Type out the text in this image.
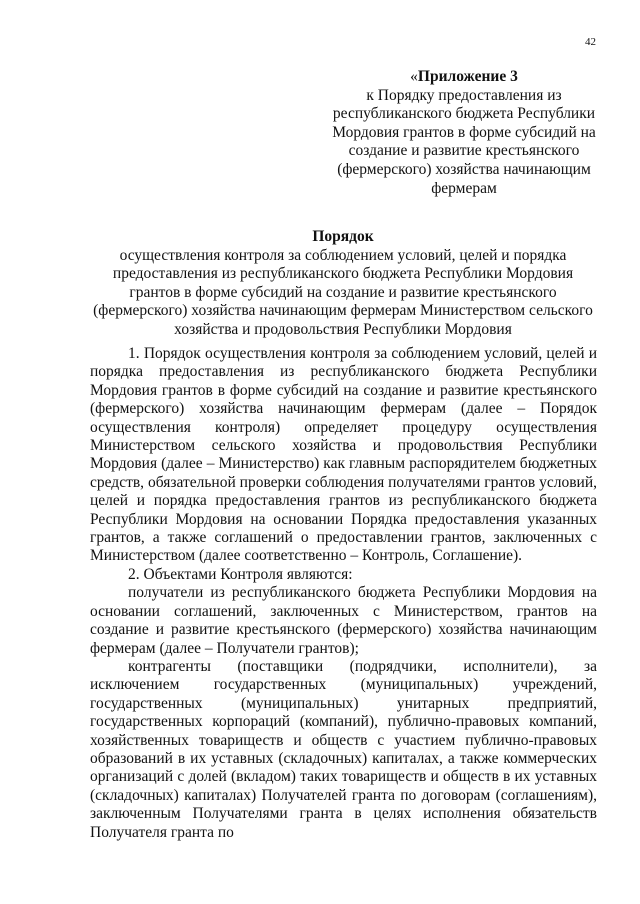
42
«Приложение 3
к Порядку предоставления из
республиканского бюджета Республики
Мордовия грантов в форме субсидий на
создание и развитие крестьянского
(фермерского) хозяйства начинающим
фермерам
Порядок
осуществления контроля за соблюдением условий, целей и порядка
предоставления из республиканского бюджета Республики Мордовия
грантов в форме субсидий на создание и развитие крестьянского
(фермерского) хозяйства начинающим фермерам Министерством сельского
хозяйства и продовольствия Республики Мордовия

1. Порядок осуществления контроля за соблюдением условий, целей и порядка предоставления из республиканского бюджета Республики Мордовия грантов в форме субсидий на создание и развитие крестьянского (фермерского) хозяйства начинающим фермерам (далее – Порядок осуществления контроля) определяет процедуру осуществления Министерством сельского хозяйства и продовольствия Республики Мордовия (далее – Министерство) как главным распорядителем бюджетных средств, обязательной проверки соблюдения получателями грантов условий, целей и порядка предоставления грантов из республиканского бюджета Республики Мордовия на основании Порядка предоставления указанных грантов, а также соглашений о предоставлении грантов, заключенных с Министерством (далее соответственно – Контроль, Соглашение).

2. Объектами Контроля являются:

получатели из республиканского бюджета Республики Мордовия на основании соглашений, заключенных с Министерством, грантов на создание и развитие крестьянского (фермерского) хозяйства начинающим фермерам (далее – Получатели грантов);

контрагенты (поставщики (подрядчики, исполнители), за исключением государственных (муниципальных) учреждений, государственных (муниципальных) унитарных предприятий, государственных корпораций (компаний), публично-правовых компаний, хозяйственных товариществ и обществ с участием публично-правовых образований в их уставных (складочных) капиталах, а также коммерческих организаций с долей (вкладом) таких товариществ и обществ в их уставных (складочных) капиталах) Получателей гранта по договорам (соглашениям), заключенным Получателями гранта в целях исполнения обязательств Получателя гранта по
